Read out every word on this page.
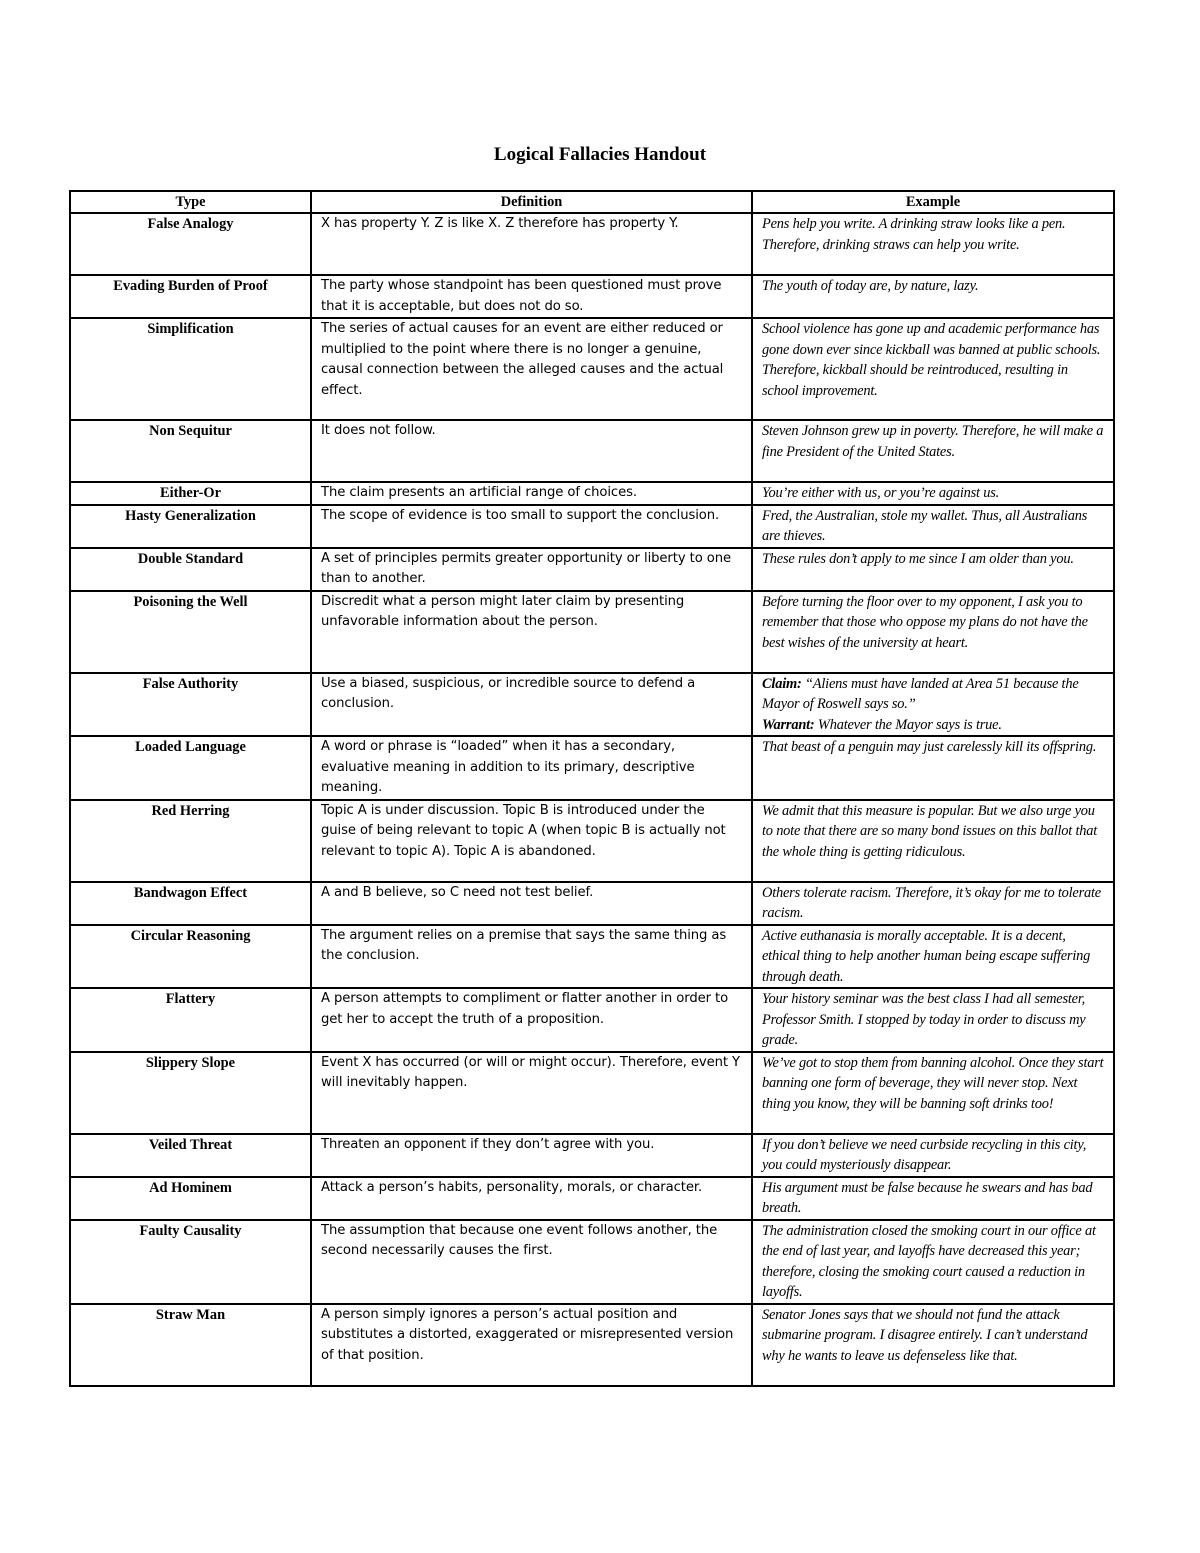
Logical Fallacies Handout
Type	Definition	Example
False Analogy	X has property Y. Z is like X. Z therefore has property Y.	Pens help you write. A drinking straw looks like a pen. Therefore, drinking straws can help you write.
Evading Burden of Proof	The party whose standpoint has been questioned must prove that it is acceptable, but does not do so.	The youth of today are, by nature, lazy.
Simplification	The series of actual causes for an event are either reduced or multiplied to the point where there is no longer a genuine, causal connection between the alleged causes and the actual effect.	School violence has gone up and academic performance has gone down ever since kickball was banned at public schools. Therefore, kickball should be reintroduced, resulting in school improvement.
Non Sequitur	It does not follow.	Steven Johnson grew up in poverty. Therefore, he will make a fine President of the United States.
Either-Or	The claim presents an artificial range of choices.	You’re either with us, or you’re against us.
Hasty Generalization	The scope of evidence is too small to support the conclusion.	Fred, the Australian, stole my wallet. Thus, all Australians are thieves.
Double Standard	A set of principles permits greater opportunity or liberty to one than to another.	These rules don’t apply to me since I am older than you.
Poisoning the Well	Discredit what a person might later claim by presenting unfavorable information about the person.	Before turning the floor over to my opponent, I ask you to remember that those who oppose my plans do not have the best wishes of the university at heart.
False Authority	Use a biased, suspicious, or incredible source to defend a conclusion.	Claim: “Aliens must have landed at Area 51 because the Mayor of Roswell says so.”
Warrant: Whatever the Mayor says is true.
Loaded Language	A word or phrase is “loaded” when it has a secondary, evaluative meaning in addition to its primary, descriptive meaning.	That beast of a penguin may just carelessly kill its offspring.
Red Herring	Topic A is under discussion. Topic B is introduced under the guise of being relevant to topic A (when topic B is actually not relevant to topic A). Topic A is abandoned.	We admit that this measure is popular. But we also urge you to note that there are so many bond issues on this ballot that the whole thing is getting ridiculous.
Bandwagon Effect	A and B believe, so C need not test belief.	Others tolerate racism. Therefore, it’s okay for me to tolerate racism.
Circular Reasoning	The argument relies on a premise that says the same thing as the conclusion.	Active euthanasia is morally acceptable. It is a decent, ethical thing to help another human being escape suffering through death.
Flattery	A person attempts to compliment or flatter another in order to get her to accept the truth of a proposition.	Your history seminar was the best class I had all semester, Professor Smith. I stopped by today in order to discuss my grade.
Slippery Slope	Event X has occurred (or will or might occur). Therefore, event Y will inevitably happen.	We’ve got to stop them from banning alcohol. Once they start banning one form of beverage, they will never stop. Next thing you know, they will be banning soft drinks too!
Veiled Threat	Threaten an opponent if they don’t agree with you.	If you don’t believe we need curbside recycling in this city, you could mysteriously disappear.
Ad Hominem	Attack a person’s habits, personality, morals, or character.	His argument must be false because he swears and has bad breath.
Faulty Causality	The assumption that because one event follows another, the second necessarily causes the first.	The administration closed the smoking court in our office at the end of last year, and layoffs have decreased this year; therefore, closing the smoking court caused a reduction in layoffs.
Straw Man	A person simply ignores a person’s actual position and substitutes a distorted, exaggerated or misrepresented version of that position.	Senator Jones says that we should not fund the attack submarine program. I disagree entirely. I can’t understand why he wants to leave us defenseless like that.
